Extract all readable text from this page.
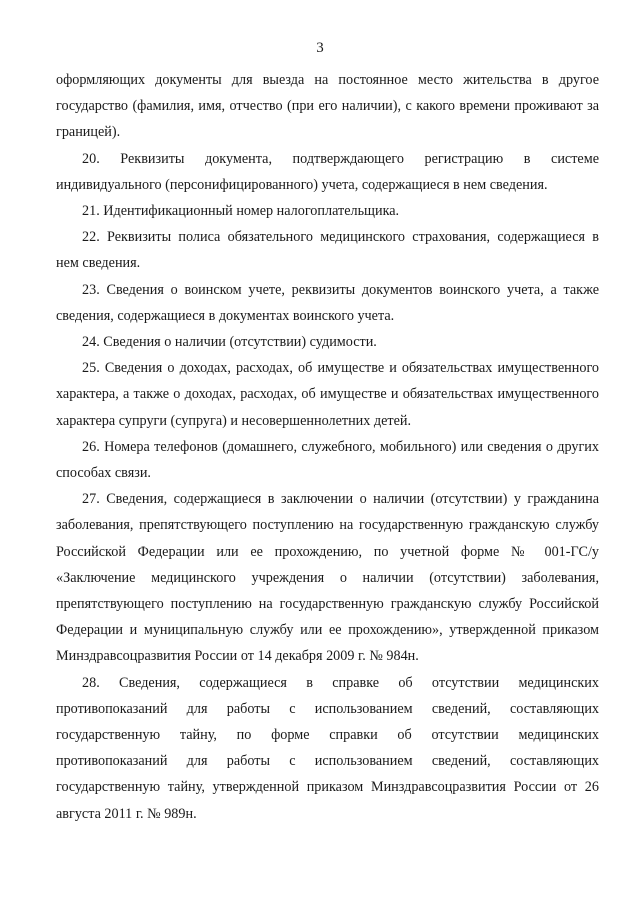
3

оформляющих документы для выезда на постоянное место жительства в другое государство (фамилия, имя, отчество (при его наличии), с какого времени проживают за границей).

20. Реквизиты документа, подтверждающего регистрацию в системе индивидуального (персонифицированного) учета, содержащиеся в нем сведения.

21. Идентификационный номер налогоплательщика.

22. Реквизиты полиса обязательного медицинского страхования, содержащиеся в нем сведения.

23. Сведения о воинском учете, реквизиты документов воинского учета, а также сведения, содержащиеся в документах воинского учета.

24. Сведения о наличии (отсутствии) судимости.

25. Сведения о доходах, расходах, об имуществе и обязательствах имущественного характера, а также о доходах, расходах, об имуществе и обязательствах имущественного характера супруги (супруга) и несовершеннолетних детей.

26. Номера телефонов (домашнего, служебного, мобильного) или сведения о других способах связи.

27. Сведения, содержащиеся в заключении о наличии (отсутствии) у гражданина заболевания, препятствующего поступлению на государственную гражданскую службу Российской Федерации или ее прохождению, по учетной форме № 001-ГС/у «Заключение медицинского учреждения о наличии (отсутствии) заболевания, препятствующего поступлению на государственную гражданскую службу Российской Федерации и муниципальную службу или ее прохождению», утвержденной приказом Минздравсоцразвития России от 14 декабря 2009 г. № 984н.

28. Сведения, содержащиеся в справке об отсутствии медицинских противопоказаний для работы с использованием сведений, составляющих государственную тайну, по форме справки об отсутствии медицинских противопоказаний для работы с использованием сведений, составляющих государственную тайну, утвержденной приказом Минздравсоцразвития России от 26 августа 2011 г. № 989н.
